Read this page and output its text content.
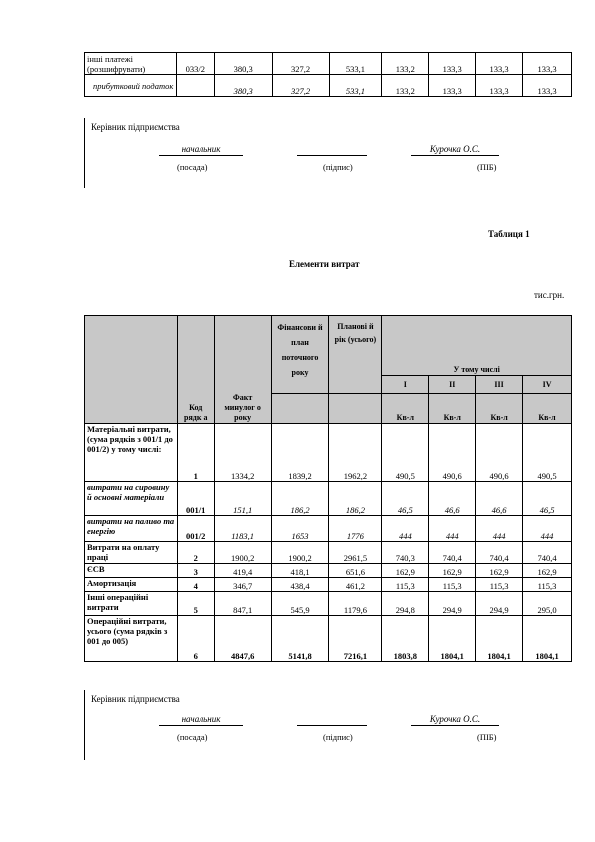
інші платежі (розшифрувати)	033/2	380,3	327,2	533,1	133,2	133,3	133,3	133,3
прибутковий податок		380,3	327,2	533,1	133,2	133,3	133,3	133,3
Керівник підприємства
начальник	Курочка О.С.
(посада)	(підпис)	(ПІБ)
Таблиця 1
Елементи витрат
тис.грн.
	Код рядк а	Факт минулог о року	Фінансови й план поточного року	Планові й рік (усього)	У тому числі			
					I	II	III	IV
					Кв-л	Кв-л	Кв-л	Кв-л
Матеріальні витрати, (сума рядків з 001/1 до 001/2) у тому числі:	1	1334,2	1839,2	1962,2	490,5	490,6	490,6	490,5
витрати на сировину й основні матеріали	001/1	151,1	186,2	186,2	46,5	46,6	46,6	46,5
витрати на паливо та енергію	001/2	1183,1	1653	1776	444	444	444	444
Витрати на оплату праці	2	1900,2	1900,2	2961,5	740,3	740,4	740,4	740,4
ЄСВ	3	419,4	418,1	651,6	162,9	162,9	162,9	162,9
Амортизація	4	346,7	438,4	461,2	115,3	115,3	115,3	115,3
Інші операційні витрати	5	847,1	545,9	1179,6	294,8	294,9	294,9	295,0
Операційні витрати, усього (сума рядків з 001 до 005)	6	4847,6	5141,8	7216,1	1803,8	1804,1	1804,1	1804,1
Керівник підприємства
начальник	Курочка О.С.
(посада)	(підпис)	(ПІБ)
